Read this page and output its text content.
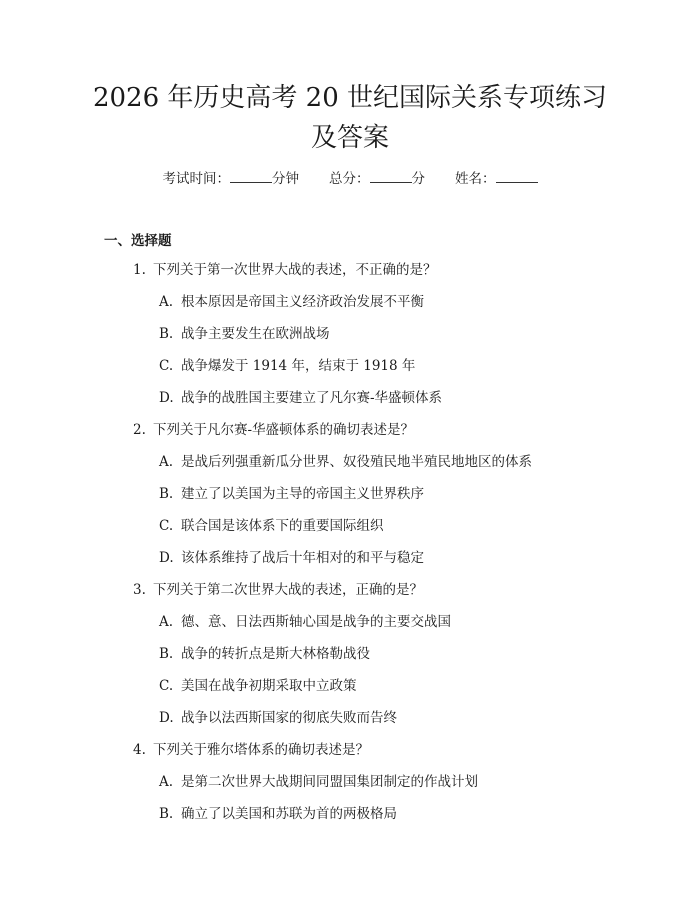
2026 年历史高考 20 世纪国际关系专项练习
及答案
考试时间：	分钟 总分：	分 姓名：
一、选择题
1. 下列关于第一次世界大战的表述，不正确的是？
A. 根本原因是帝国主义经济政治发展不平衡
B. 战争主要发生在欧洲战场
C. 战争爆发于 1914 年，结束于 1918 年
D. 战争的战胜国主要建立了凡尔赛-华盛顿体系
2. 下列关于凡尔赛-华盛顿体系的确切表述是？
A. 是战后列强重新瓜分世界、奴役殖民地半殖民地地区的体系
B. 建立了以美国为主导的帝国主义世界秩序
C. 联合国是该体系下的重要国际组织
D. 该体系维持了战后十年相对的和平与稳定
3. 下列关于第二次世界大战的表述，正确的是？
A. 德、意、日法西斯轴心国是战争的主要交战国
B. 战争的转折点是斯大林格勒战役
C. 美国在战争初期采取中立政策
D. 战争以法西斯国家的彻底失败而告终
4. 下列关于雅尔塔体系的确切表述是？
A. 是第二次世界大战期间同盟国集团制定的作战计划
B. 确立了以美国和苏联为首的两极格局
